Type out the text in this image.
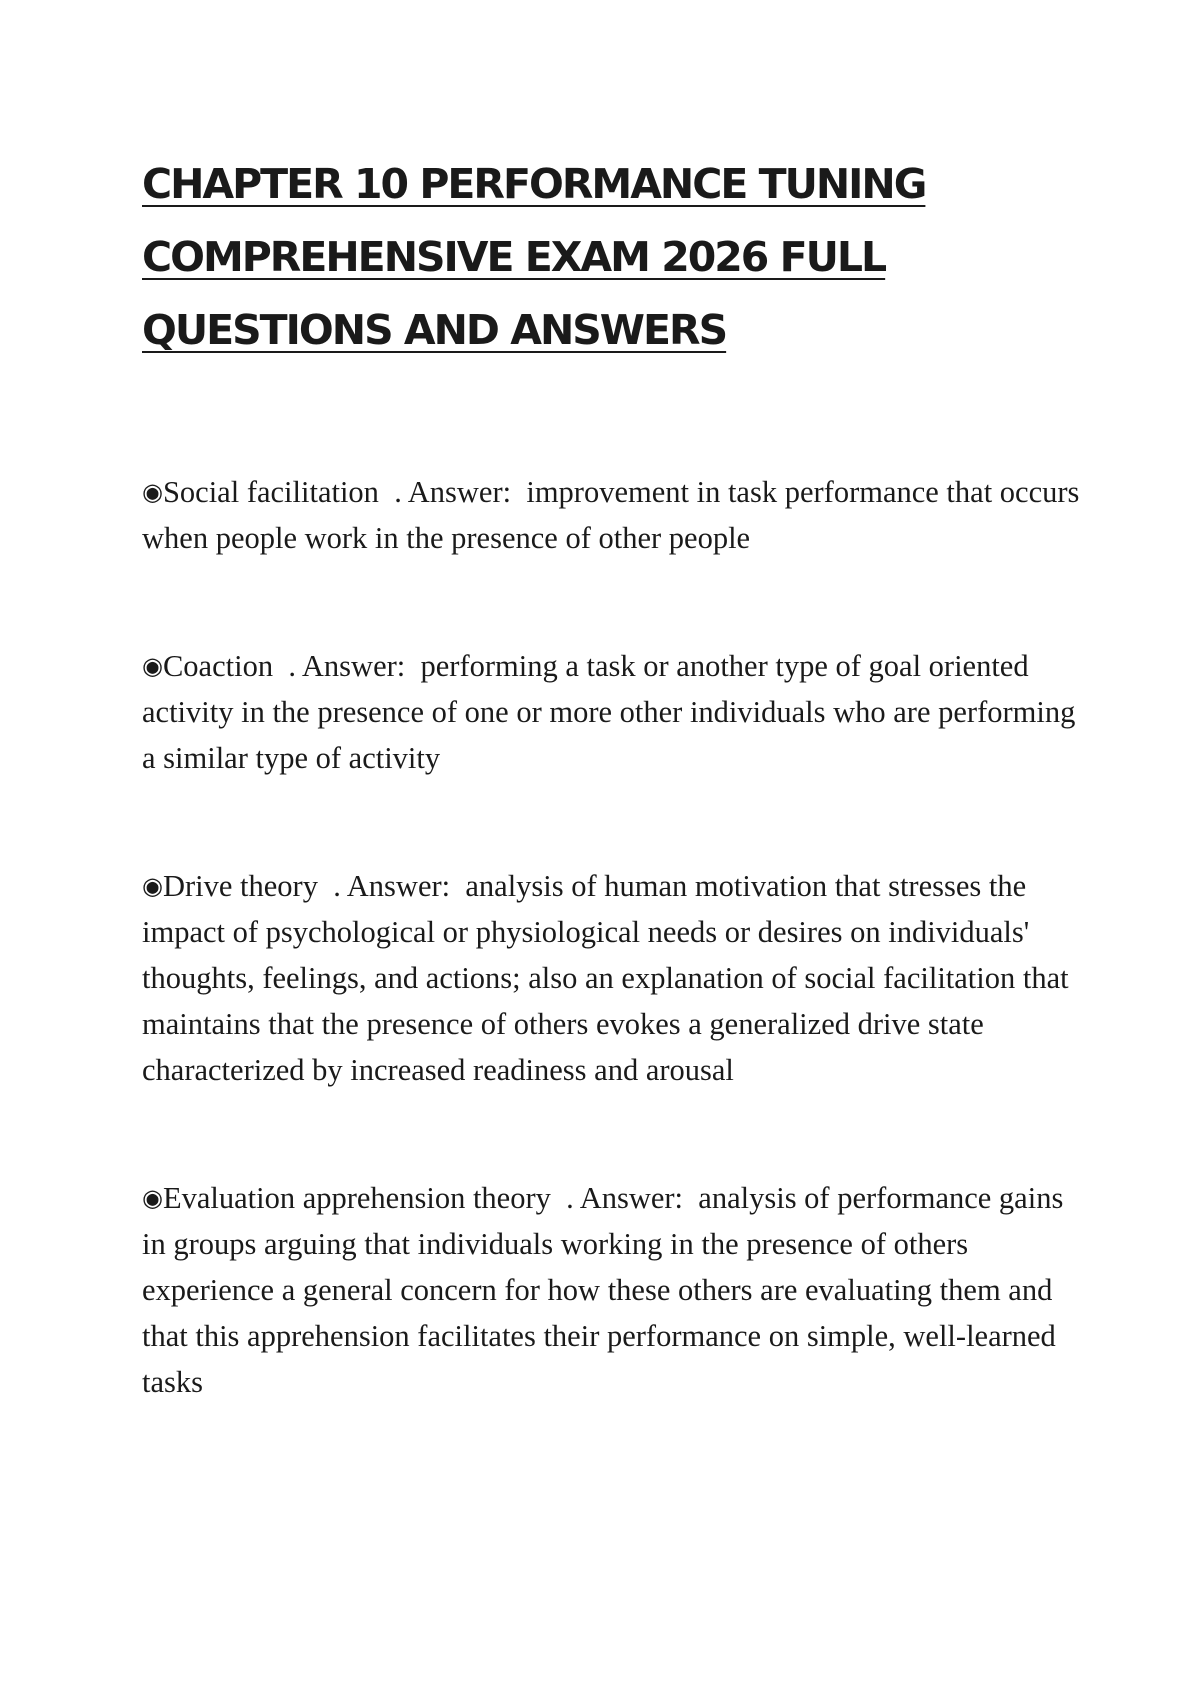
CHAPTER 10 PERFORMANCE TUNING
COMPREHENSIVE EXAM 2026 FULL
QUESTIONS AND ANSWERS

◉Social facilitation  . Answer:  improvement in task performance that occurs when people work in the presence of other people

◉Coaction  . Answer:  performing a task or another type of goal oriented activity in the presence of one or more other individuals who are performing a similar type of activity

◉Drive theory  . Answer:  analysis of human motivation that stresses the impact of psychological or physiological needs or desires on individuals' thoughts, feelings, and actions; also an explanation of social facilitation that maintains that the presence of others evokes a generalized drive state characterized by increased readiness and arousal

◉Evaluation apprehension theory  . Answer:  analysis of performance gains in groups arguing that individuals working in the presence of others experience a general concern for how these others are evaluating them and that this apprehension facilitates their performance on simple, well-learned tasks
